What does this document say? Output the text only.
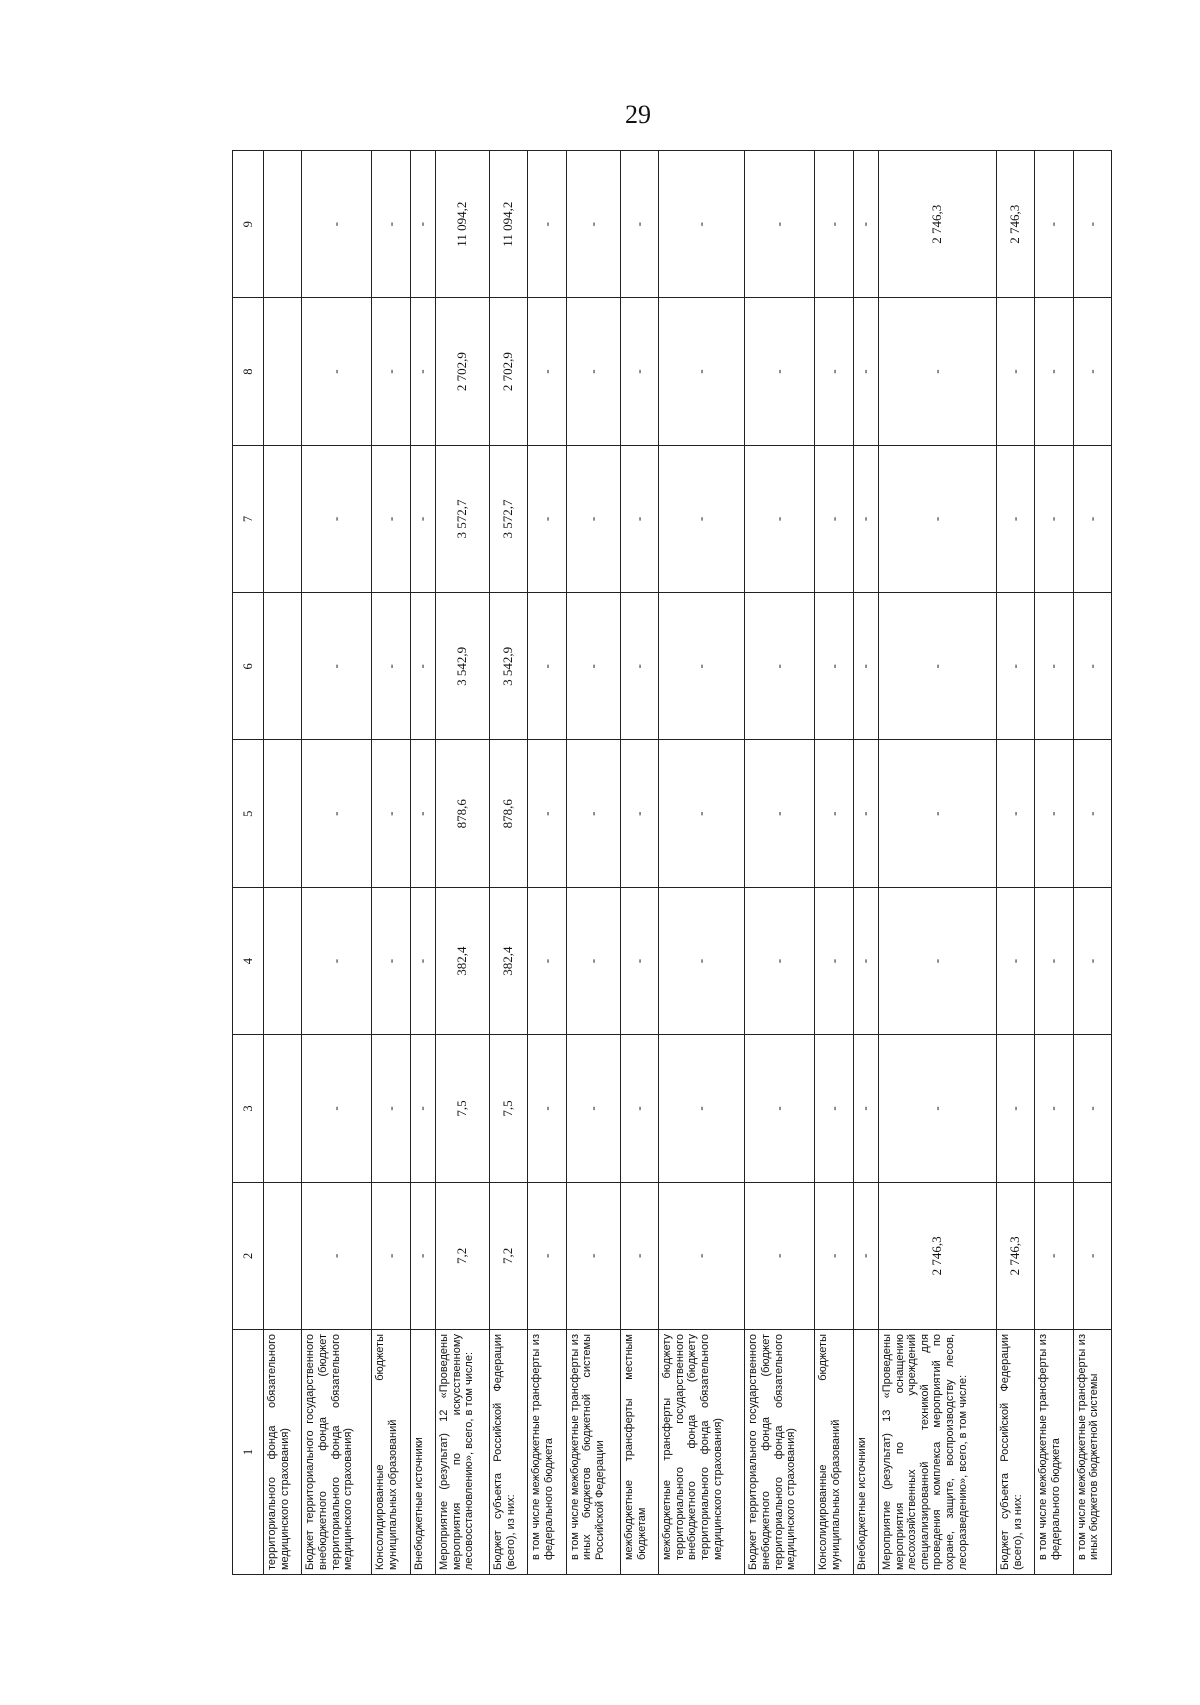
29
1	2	3	4	5	6	7	8	9
территориального фонда обязательного медицинского страхования)								
Бюджет территориального государственного внебюджетного фонда (бюджет территориального фонда обязательного медицинского страхования)	-	-	-	-	-	-	-	-
Консолидированные бюджеты муниципальных образований	-	-	-	-	-	-	-	-
Внебюджетные источники	-	-	-	-	-	-	-	-
Мероприятие (результат) 12 «Проведены мероприятия по искусственному лесовосстановлению», всего, в том числе:	7,2	7,5	382,4	878,6	3 542,9	3 572,7	2 702,9	11 094,2
Бюджет субъекта Российской Федерации (всего), из них:	7,2	7,5	382,4	878,6	3 542,9	3 572,7	2 702,9	11 094,2
в том числе межбюджетные трансферты из федерального бюджета	-	-	-	-	-	-	-	-
в том числе межбюджетные трансферты из иных бюджетов бюджетной системы Российской Федерации	-	-	-	-	-	-	-	-
межбюджетные трансферты местным бюджетам	-	-	-	-	-	-	-	-
межбюджетные трансферты бюджету территориального государственного внебюджетного фонда (бюджету территориального фонда обязательного медицинского страхования)	-	-	-	-	-	-	-	-
Бюджет территориального государственного внебюджетного фонда (бюджет территориального фонда обязательного медицинского страхования)	-	-	-	-	-	-	-	-
Консолидированные бюджеты муниципальных образований	-	-	-	-	-	-	-	-
Внебюджетные источники	-	-	-	-	-	-	-	-
Мероприятие (результат) 13 «Проведены мероприятия по оснащению лесохозяйственных учреждений специализированной техникой для проведения комплекса мероприятий по охране, защите, воспроизводству лесов, лесоразведению», всего, в том числе:	2 746,3	-	-	-	-	-	-	2 746,3
Бюджет субъекта Российской Федерации (всего), из них:	2 746,3	-	-	-	-	-	-	2 746,3
в том числе межбюджетные трансферты из федерального бюджета	-	-	-	-	-	-	-	-
в том числе межбюджетные трансферты из иных бюджетов бюджетной системы	-	-	-	-	-	-	-	-
